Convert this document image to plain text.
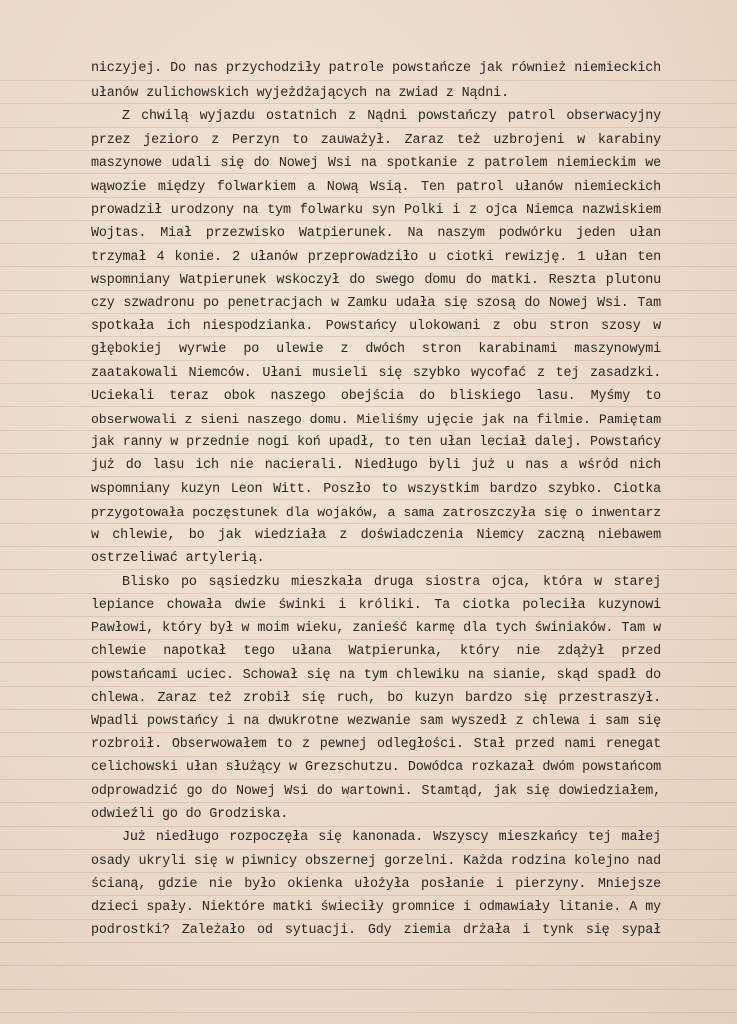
niczyjej. Do nas przychodziły patrole powstańcze jak również niemieckich
ułanów zulichowskich wyjeżdżających na zwiad z Nądni.
Z chwilą wyjazdu ostatnich z Nądni powstańczy patrol obserwacyjny
przez jezioro z Perzyn to zauważył. Zaraz też uzbrojeni w karabiny
maszynowe udali się do Nowej Wsi na spotkanie z patrolem niemieckim we
wąwozie między folwarkiem a Nową Wsią. Ten patrol ułanów niemieckich
prowadził urodzony na tym folwarku syn Polki i z ojca Niemca nazwiskiem
Wojtas. Miał przezwisko Watpierunek. Na naszym podwórku jeden ułan
trzymał 4 konie. 2 ułanów przeprowadziło u ciotki rewizję. 1 ułan ten
wspomniany Watpierunek wskoczył do swego domu do matki. Reszta plutonu
czy szwadronu po penetracjach w Zamku udała się szosą do Nowej Wsi. Tam
spotkała ich niespodzianka. Powstańcy ulokowani z obu stron szosy w
głębokiej wyrwie po ulewie z dwóch stron karabinami maszynowymi
zaatakowali Niemców. Ułani musieli się szybko wycofać z tej zasadzki.
Uciekali teraz obok naszego obejścia do bliskiego lasu. Myśmy to
obserwowali z sieni naszego domu. Mieliśmy ujęcie jak na filmie. Pamiętam
jak ranny w przednie nogi koń upadł, to ten ułan leciał dalej. Powstańcy
już do lasu ich nie nacierali. Niedługo byli już u nas a wśród nich
wspomniany kuzyn Leon Witt. Poszło to wszystkim bardzo szybko. Ciotka
przygotowała poczęstunek dla wojaków, a sama zatroszczyła się o inwentarz
w chlewie, bo jak wiedziała z doświadczenia Niemcy zaczną niebawem
ostrzeliwać artylerią.
Blisko po sąsiedzku mieszkała druga siostra ojca, która w starej
lepiance chowała dwie świnki i króliki. Ta ciotka poleciła kuzynowi
Pawłowi, który był w moim wieku, zanieść karmę dla tych świniaków. Tam w
chlewie napotkał tego ułana Watpierunka, który nie zdążył przed
powstańcami uciec. Schował się na tym chlewiku na sianie, skąd spadł do
chlewa. Zaraz też zrobił się ruch, bo kuzyn bardzo się przestraszył.
Wpadli powstańcy i na dwukrotne wezwanie sam wyszedł z chlewa i sam się
rozbroił. Obserwowałem to z pewnej odległości. Stał przed nami renegat
celichowski ułan służący w Grezschutzu. Dowódca rozkazał dwóm powstańcom
odprowadzić go do Nowej Wsi do wartowni. Stamtąd, jak się dowiedziałem,
odwieźli go do Grodziska.
Już niedługo rozpoczęła się kanonada. Wszyscy mieszkańcy tej małej
osady ukryli się w piwnicy obszernej gorzelni. Każda rodzina kolejno nad
ścianą, gdzie nie było okienka ułożyła posłanie i pierzyny. Mniejsze
dzieci spały. Niektóre matki świeciły gromnice i odmawiały litanie. A my
podrostki? Zależało od sytuacji. Gdy ziemia drżała i tynk się sypał
